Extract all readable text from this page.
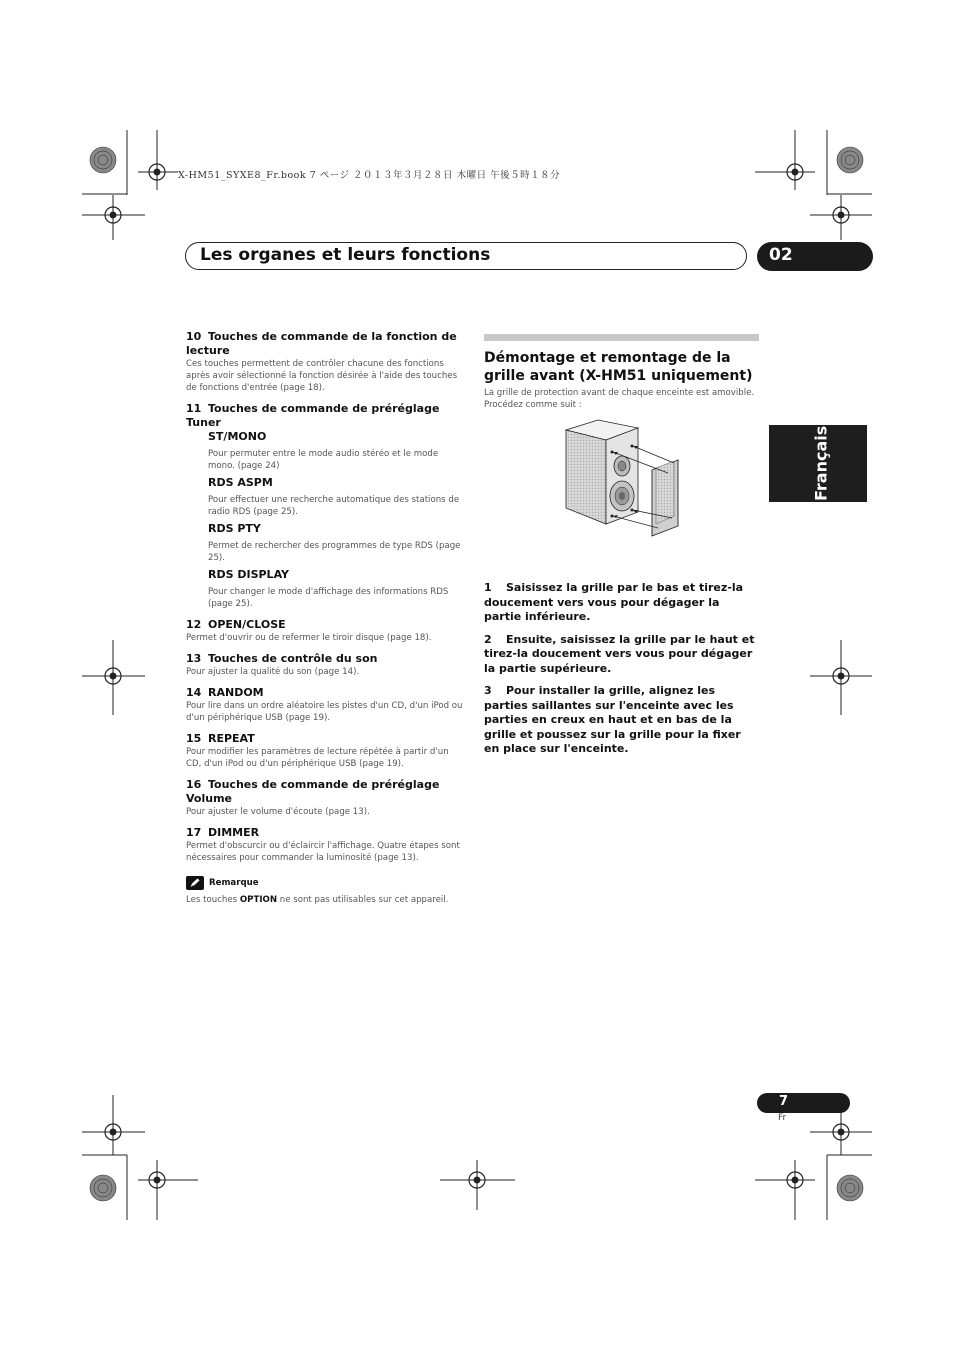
X-HM51_SYXE8_Fr.book 7 ページ ２０１３年３月２８日 木曜日 午後５時１８分
Les organes et leurs fonctions	02

10 Touches de commande de la fonction de lecture

Ces touches permettent de contrôler chacune des fonctions après avoir sélectionné la fonction désirée à l'aide des touches de fonctions d'entrée (page 18).

11 Touches de commande de préréglage Tuner

ST/MONO

Pour permuter entre le mode audio stéréo et le mode mono. (page 24)

RDS ASPM

Pour effectuer une recherche automatique des stations de radio RDS (page 25).

RDS PTY

Permet de rechercher des programmes de type RDS (page 25).

RDS DISPLAY

Pour changer le mode d'affichage des informations RDS (page 25).

12 OPEN/CLOSE

Permet d'ouvrir ou de refermer le tiroir disque (page 18).

13 Touches de contrôle du son

Pour ajuster la qualité du son (page 14).

14 RANDOM

Pour lire dans un ordre aléatoire les pistes d'un CD, d'un iPod ou d'un périphérique USB (page 19).

15 REPEAT

Pour modifier les paramètres de lecture répétée à partir d'un CD, d'un iPod ou d'un périphérique USB (page 19).

16 Touches de commande de préréglage Volume

Pour ajuster le volume d'écoute (page 13).

17 DIMMER

Permet d'obscurcir ou d'éclaircir l'affichage. Quatre étapes sont nécessaires pour commander la luminosité (page 13).

Remarque

Les touches OPTION ne sont pas utilisables sur cet appareil.

Démontage et remontage de la grille avant (X-HM51 uniquement)

La grille de protection avant de chaque enceinte est amovible. Procédez comme suit :

1 Saisissez la grille par le bas et tirez-la doucement vers vous pour dégager la partie inférieure.

2 Ensuite, saisissez la grille par le haut et tirez-la doucement vers vous pour dégager la partie supérieure.

3 Pour installer la grille, alignez les parties saillantes sur l'enceinte avec les parties en creux en haut et en bas de la grille et poussez sur la grille pour la fixer en place sur l'enceinte.

Français
7
Fr
